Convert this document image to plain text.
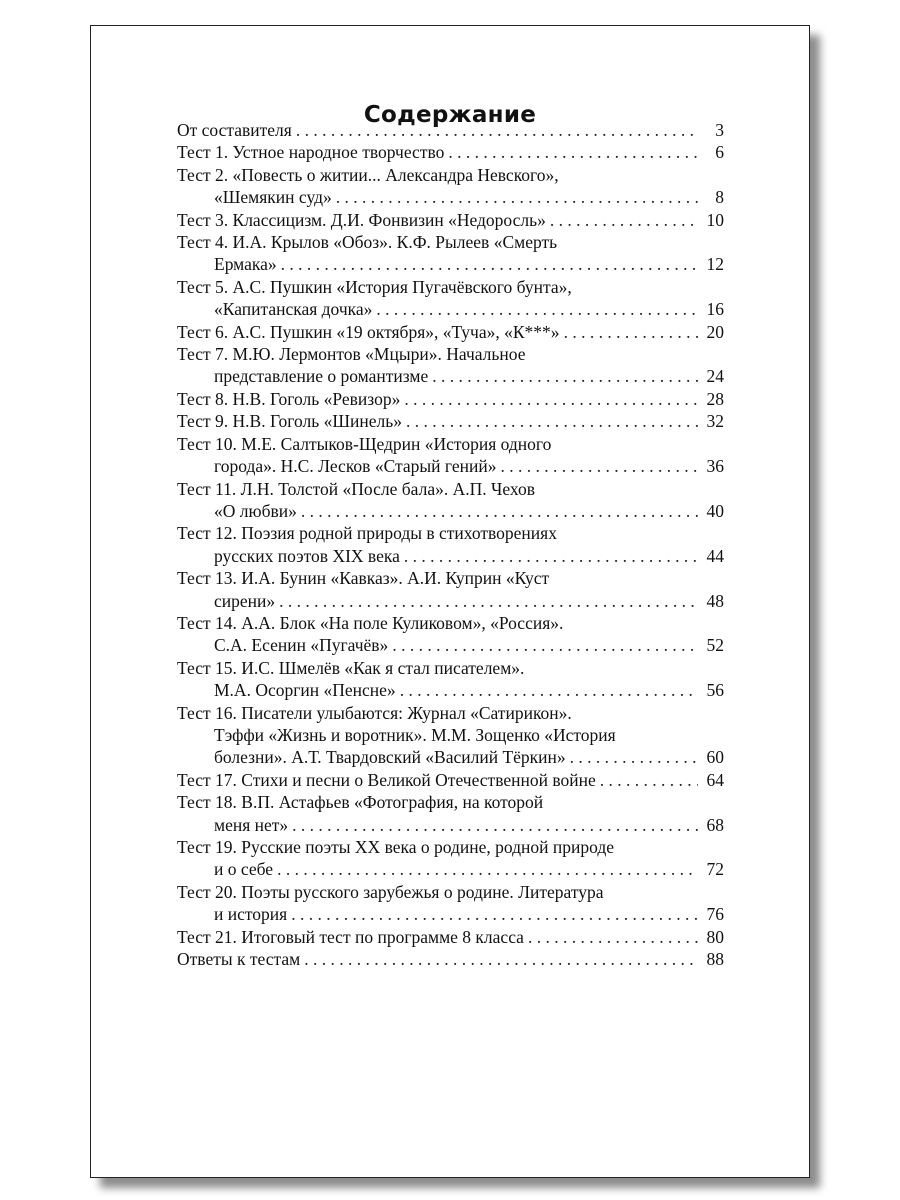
Содержание
От составителя . . .	3
Тест 1. Устное народное творчество . . .	6
Тест 2. «Повесть о житии... Александра Невского»,
«Шемякин суд» . . .	8
Тест 3. Классицизм. Д.И. Фонвизин «Недоросль» . . .	10
Тест 4. И.А. Крылов «Обоз». К.Ф. Рылеев «Смерть
Ермака» . . .	12
Тест 5. А.С. Пушкин «История Пугачёвского бунта»,
«Капитанская дочка» . . .	16
Тест 6. А.С. Пушкин «19 октября», «Туча», «К***» . . .	20
Тест 7. М.Ю. Лермонтов «Мцыри». Начальное
представление о романтизме . . .	24
Тест 8. Н.В. Гоголь «Ревизор» . . .	28
Тест 9. Н.В. Гоголь «Шинель» . . .	32
Тест 10. М.Е. Салтыков-Щедрин «История одного
города». Н.С. Лесков «Старый гений» . . .	36
Тест 11. Л.Н. Толстой «После бала». А.П. Чехов
«О любви» . . .	40
Тест 12. Поэзия родной природы в стихотворениях
русских поэтов XIX века . . .	44
Тест 13. И.А. Бунин «Кавказ». А.И. Куприн «Куст
сирени» . . .	48
Тест 14. А.А. Блок «На поле Куликовом», «Россия».
С.А. Есенин «Пугачёв» . . .	52
Тест 15. И.С. Шмелёв «Как я стал писателем».
М.А. Осоргин «Пенсне» . . .	56
Тест 16. Писатели улыбаются: Журнал «Сатирикон».
Тэффи «Жизнь и воротник». М.М. Зощенко «История
болезни». А.Т. Твардовский «Василий Тёркин» . . .	60
Тест 17. Стихи и песни о Великой Отечественной войне . . .	64
Тест 18. В.П. Астафьев «Фотография, на которой
меня нет» . . .	68
Тест 19. Русские поэты XX века о родине, родной природе
и о себе . . .	72
Тест 20. Поэты русского зарубежья о родине. Литература
и история . . .	76
Тест 21. Итоговый тест по программе 8 класса . . .	80
Ответы к тестам . . .	88
